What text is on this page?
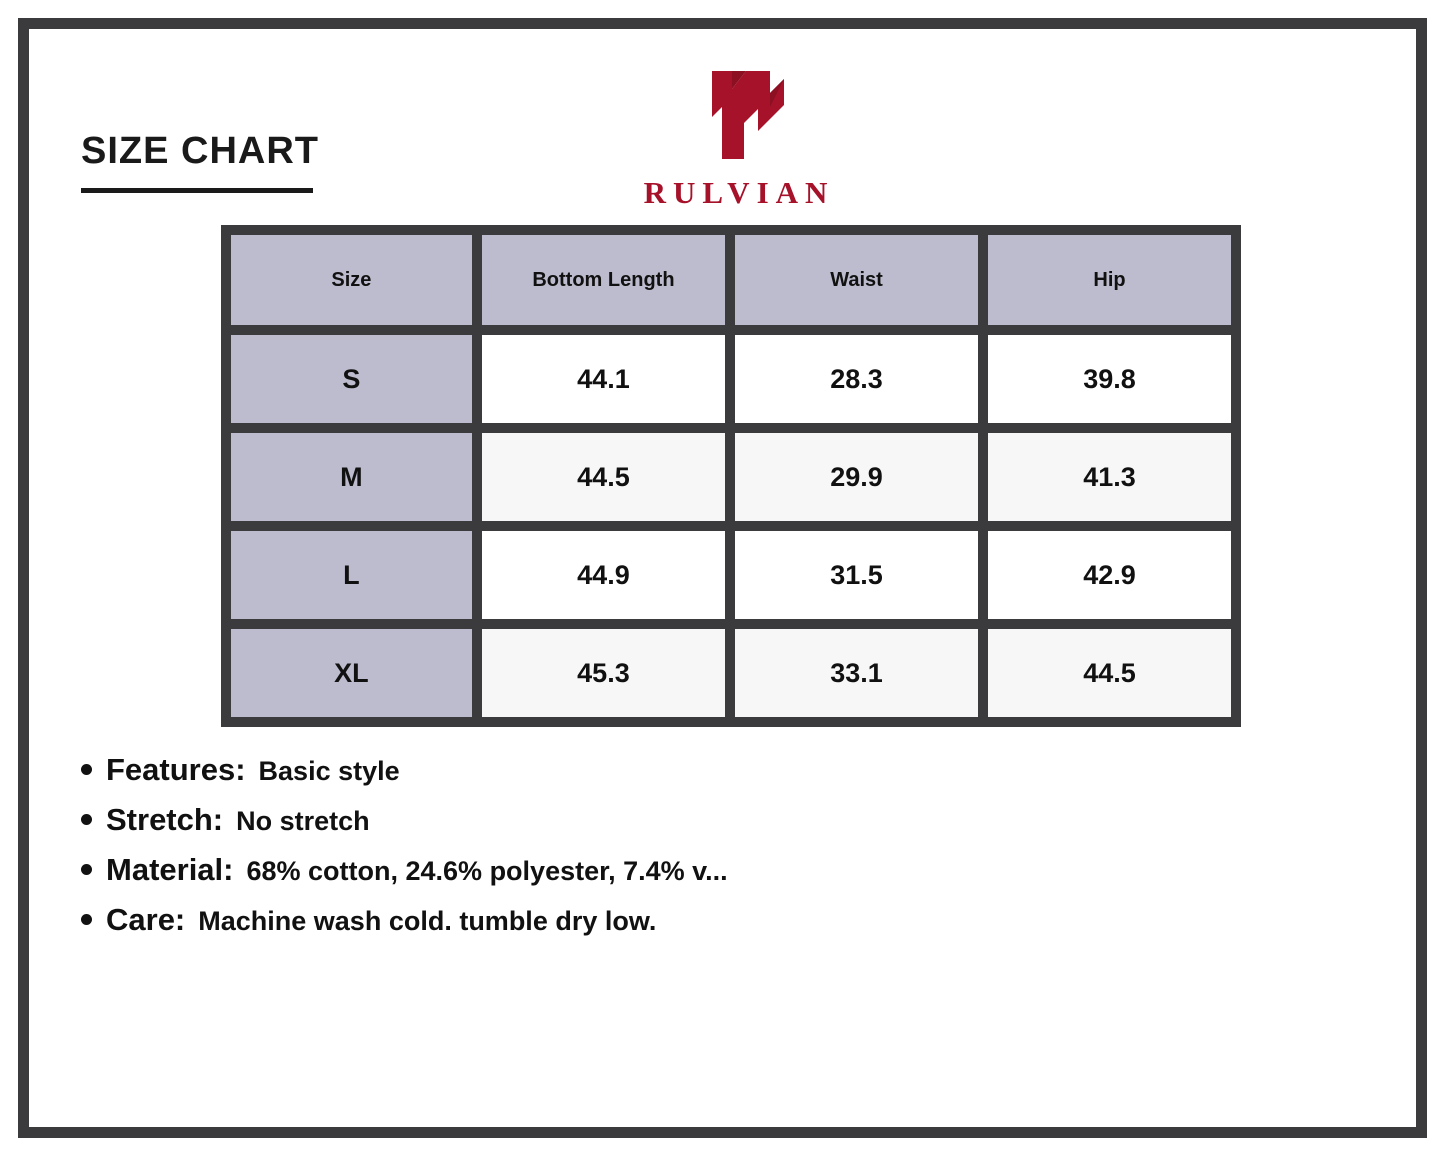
SIZE CHART
RULVIAN
Size	Bottom Length	Waist	Hip
S	44.1	28.3	39.8
M	44.5	29.9	41.3
L	44.9	31.5	42.9
XL	45.3	33.1	44.5
Features: Basic style
Stretch: No stretch
Material: 68% cotton, 24.6% polyester, 7.4% v...
Care: Machine wash cold. tumble dry low.
